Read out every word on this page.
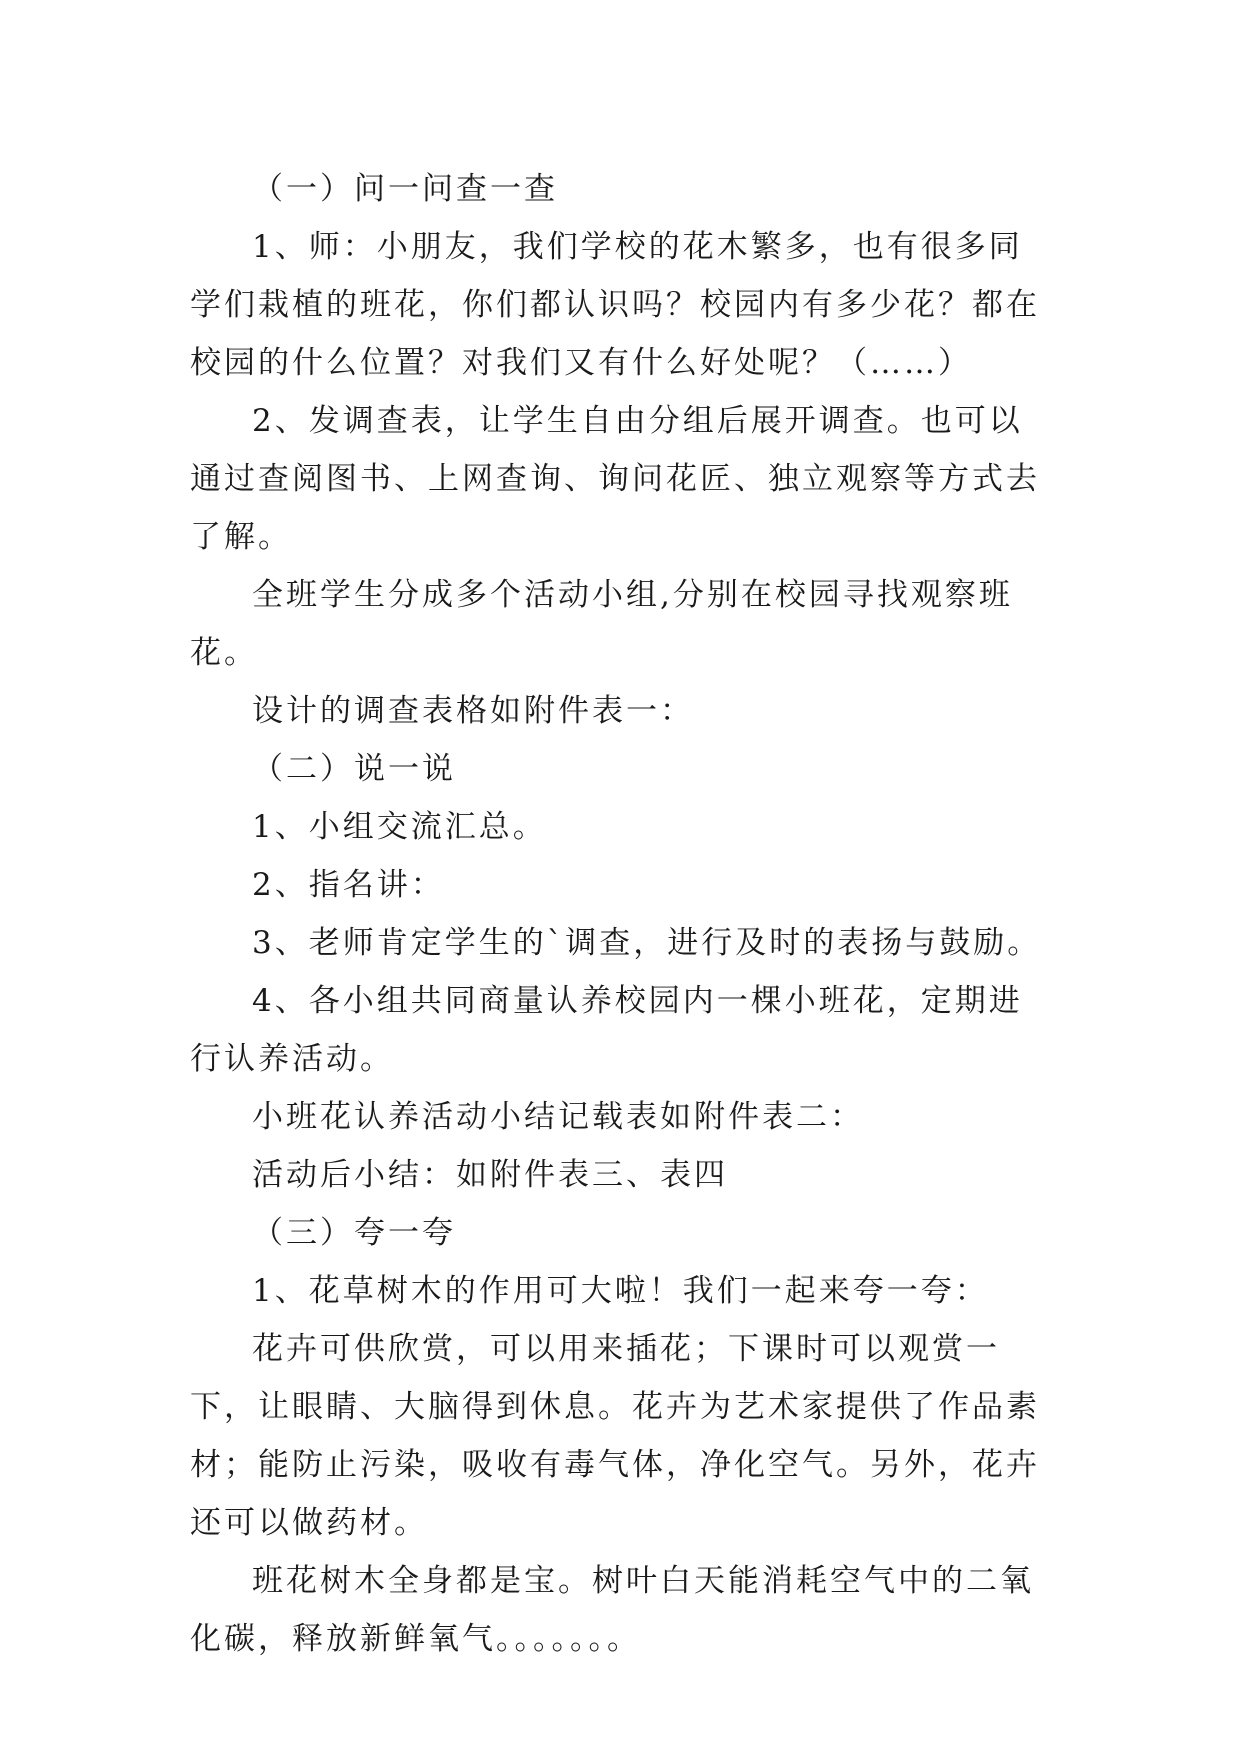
（一）问一问查一查

1、师：小朋友，我们学校的花木繁多，也有很多同学们栽植的班花，你们都认识吗？校园内有多少花？都在校园的什么位置？对我们又有什么好处呢？（……）

2、发调查表，让学生自由分组后展开调查。也可以通过查阅图书、上网查询、询问花匠、独立观察等方式去了解。

全班学生分成多个活动小组,分别在校园寻找观察班花。

设计的调查表格如附件表一：

（二）说一说

1、小组交流汇总。

2、指名讲：

3、老师肯定学生的`调查，进行及时的表扬与鼓励。

4、各小组共同商量认养校园内一棵小班花，定期进行认养活动。

小班花认养活动小结记载表如附件表二：

活动后小结：如附件表三、表四

（三）夸一夸

1、花草树木的作用可大啦！我们一起来夸一夸：

花卉可供欣赏，可以用来插花；下课时可以观赏一下，让眼睛、大脑得到休息。花卉为艺术家提供了作品素材；能防止污染，吸收有毒气体，净化空气。另外，花卉还可以做药材。

班花树木全身都是宝。树叶白天能消耗空气中的二氧化碳，释放新鲜氧气。。。。。。。
